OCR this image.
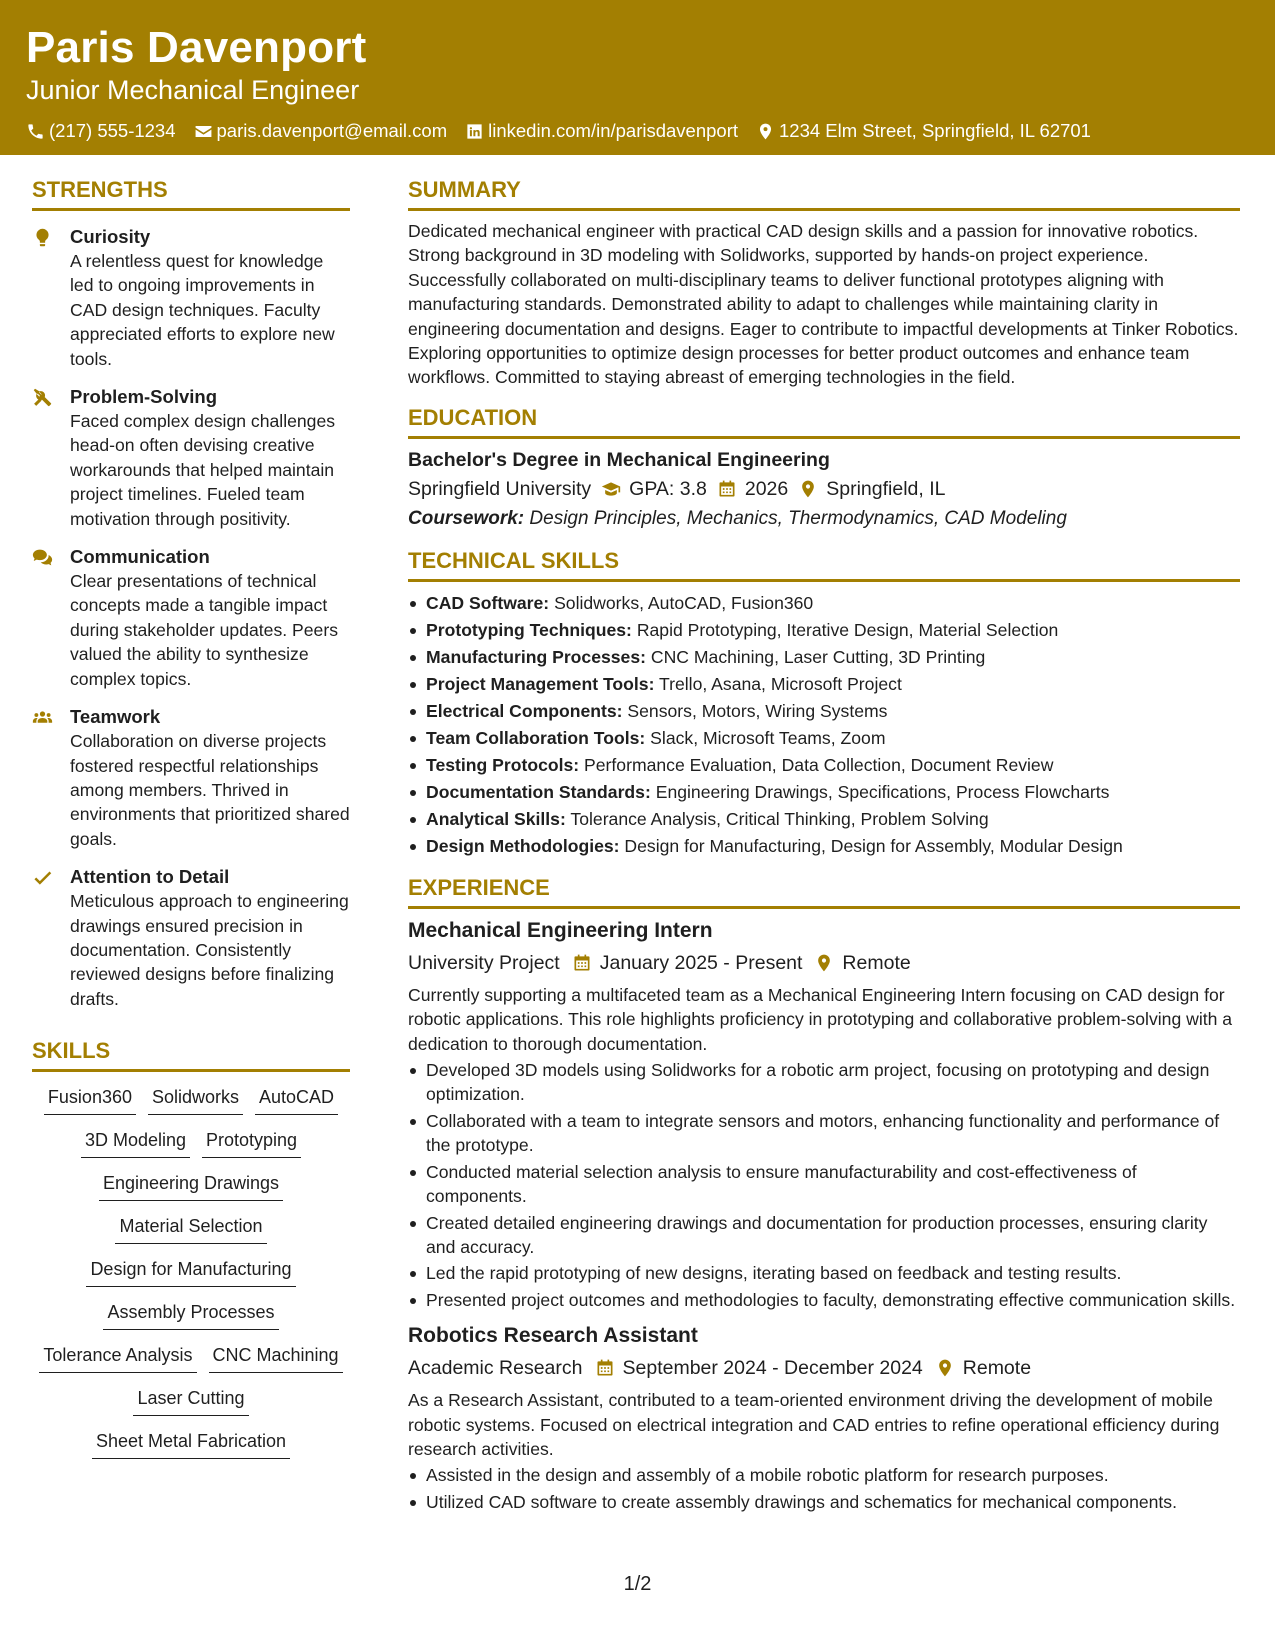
Paris Davenport
Junior Mechanical Engineer
(217) 555-1234 paris.davenport@email.com linkedin.com/in/parisdavenport 1234 Elm Street, Springfield, IL 62701
STRENGTHS
Curiosity
A relentless quest for knowledge led to ongoing improvements in CAD design techniques. Faculty appreciated efforts to explore new tools.
Problem-Solving
Faced complex design challenges head-on often devising creative workarounds that helped maintain project timelines. Fueled team motivation through positivity.
Communication
Clear presentations of technical concepts made a tangible impact during stakeholder updates. Peers valued the ability to synthesize complex topics.
Teamwork
Collaboration on diverse projects fostered respectful relationships among members. Thrived in environments that prioritized shared goals.
Attention to Detail
Meticulous approach to engineering drawings ensured precision in documentation. Consistently reviewed designs before finalizing drafts.
SKILLS
Fusion360 Solidworks AutoCAD
3D Modeling Prototyping
Engineering Drawings
Material Selection
Design for Manufacturing
Assembly Processes
Tolerance Analysis CNC Machining
Laser Cutting
Sheet Metal Fabrication
SUMMARY
Dedicated mechanical engineer with practical CAD design skills and a passion for innovative robotics. Strong background in 3D modeling with Solidworks, supported by hands-on project experience. Successfully collaborated on multi-disciplinary teams to deliver functional prototypes aligning with manufacturing standards. Demonstrated ability to adapt to challenges while maintaining clarity in engineering documentation and designs. Eager to contribute to impactful developments at Tinker Robotics. Exploring opportunities to optimize design processes for better product outcomes and enhance team workflows. Committed to staying abreast of emerging technologies in the field.
EDUCATION
Bachelor's Degree in Mechanical Engineering
Springfield University GPA: 3.8 2026 Springfield, IL
Coursework: Design Principles, Mechanics, Thermodynamics, CAD Modeling
TECHNICAL SKILLS
CAD Software: Solidworks, AutoCAD, Fusion360
Prototyping Techniques: Rapid Prototyping, Iterative Design, Material Selection
Manufacturing Processes: CNC Machining, Laser Cutting, 3D Printing
Project Management Tools: Trello, Asana, Microsoft Project
Electrical Components: Sensors, Motors, Wiring Systems
Team Collaboration Tools: Slack, Microsoft Teams, Zoom
Testing Protocols: Performance Evaluation, Data Collection, Document Review
Documentation Standards: Engineering Drawings, Specifications, Process Flowcharts
Analytical Skills: Tolerance Analysis, Critical Thinking, Problem Solving
Design Methodologies: Design for Manufacturing, Design for Assembly, Modular Design
EXPERIENCE
Mechanical Engineering Intern
University Project January 2025 - Present Remote
Currently supporting a multifaceted team as a Mechanical Engineering Intern focusing on CAD design for robotic applications. This role highlights proficiency in prototyping and collaborative problem-solving with a dedication to thorough documentation.
Developed 3D models using Solidworks for a robotic arm project, focusing on prototyping and design optimization.
Collaborated with a team to integrate sensors and motors, enhancing functionality and performance of the prototype.
Conducted material selection analysis to ensure manufacturability and cost-effectiveness of components.
Created detailed engineering drawings and documentation for production processes, ensuring clarity and accuracy.
Led the rapid prototyping of new designs, iterating based on feedback and testing results.
Presented project outcomes and methodologies to faculty, demonstrating effective communication skills.
Robotics Research Assistant
Academic Research September 2024 - December 2024 Remote
As a Research Assistant, contributed to a team-oriented environment driving the development of mobile robotic systems. Focused on electrical integration and CAD entries to refine operational efficiency during research activities.
Assisted in the design and assembly of a mobile robotic platform for research purposes.
Utilized CAD software to create assembly drawings and schematics for mechanical components.
1/2
